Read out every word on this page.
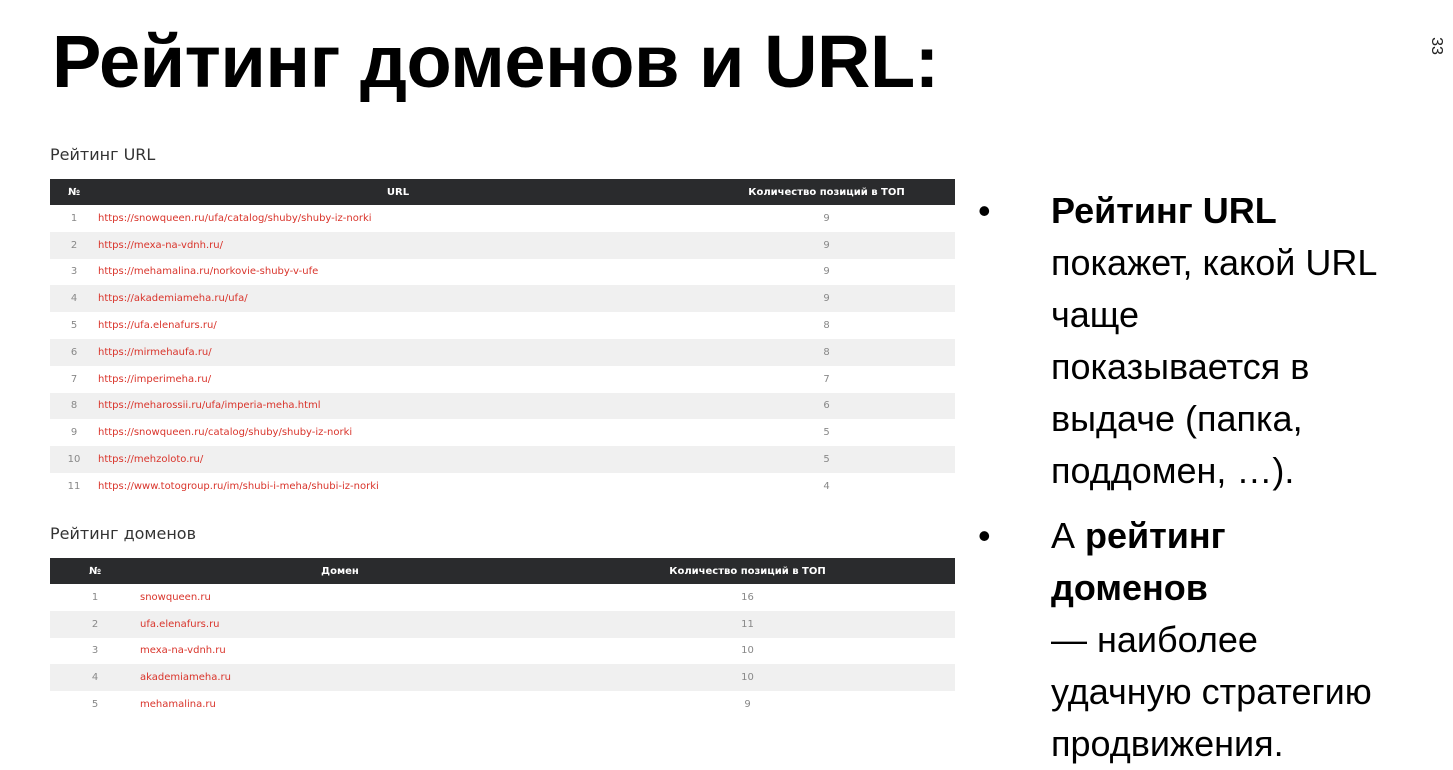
Рейтинг доменов и URL:	33
Рейтинг URL
№	URL	Количество позиций в ТОП
1	https://snowqueen.ru/ufa/catalog/shuby/shuby-iz-norki	9
2	https://mexa-na-vdnh.ru/	9
3	https://mehamalina.ru/norkovie-shuby-v-ufe	9
4	https://akademiameha.ru/ufa/	9
5	https://ufa.elenafurs.ru/	8
6	https://mirmehaufa.ru/	8
7	https://imperimeha.ru/	7
8	https://meharossii.ru/ufa/imperia-meha.html	6
9	https://snowqueen.ru/catalog/shuby/shuby-iz-norki	5
10	https://mehzoloto.ru/	5
11	https://www.totogroup.ru/im/shubi-i-meha/shubi-iz-norki	4
Рейтинг доменов
№	Домен	Количество позиций в ТОП
1	snowqueen.ru	16
2	ufa.elenafurs.ru	11
3	mexa-na-vdnh.ru	10
4	akademiameha.ru	10
5	mehamalina.ru	9
• Рейтинг URL
покажет, какой URL
чаще
показывается в
выдаче (папка,
поддомен, …).
• А рейтинг
доменов
— наиболее
удачную стратегию
продвижения.
